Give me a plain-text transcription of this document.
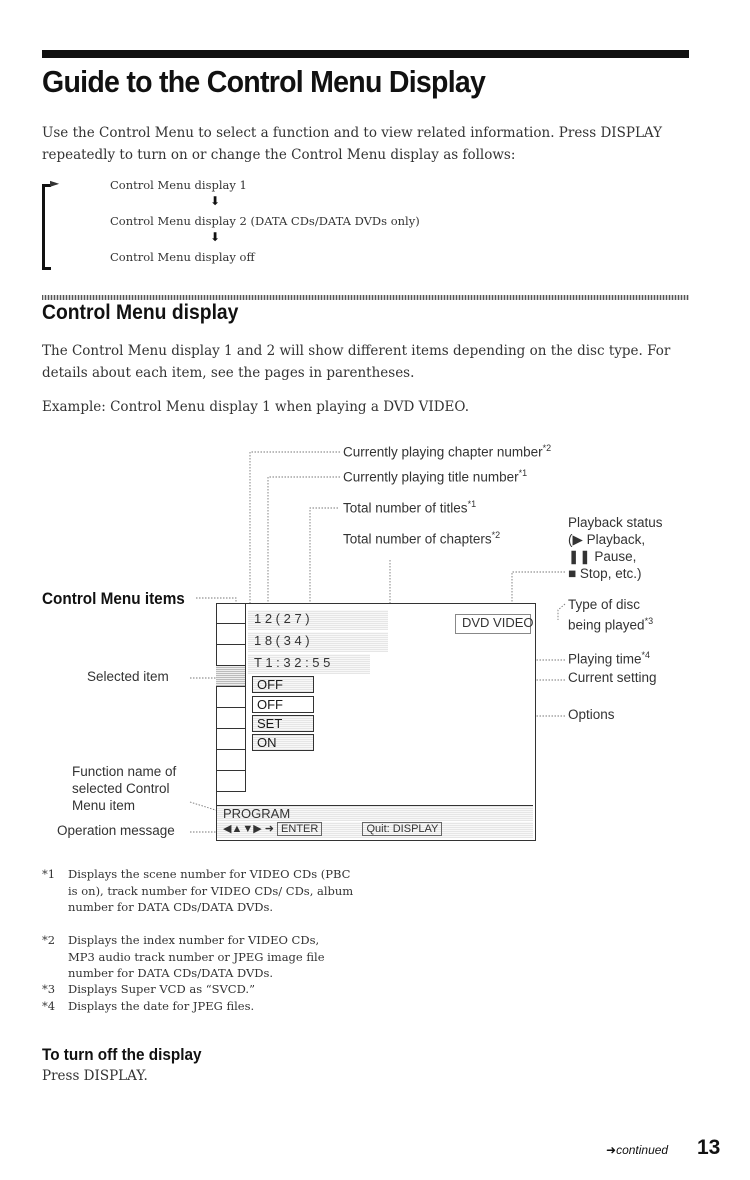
Guide to the Control Menu Display
Use the Control Menu to select a function and to view related information. Press DISPLAY repeatedly to turn on or change the Control Menu display as follows:
►	Control Menu display 1
⬇
Control Menu display 2 (DATA CDs/DATA DVDs only)
⬇
Control Menu display off
Control Menu display
The Control Menu display 1 and 2 will show different items depending on the disc type. For details about each item, see the pages in parentheses.
Example: Control Menu display 1 when playing a DVD VIDEO.
Currently playing chapter number$^{*2}$
Currently playing title number$^{*1}$
Total number of titles$^{*1}$
Total number of chapters$^{*2}$
Playback status
(▶ Playback,
❚❚ Pause,
■ Stop, etc.)
Type of disc
being played$^{*3}$
Playing time$^{*4}$
Current setting
Options
Control Menu items
Selected item
Function name of
selected Control
Menu item
Operation message
1 2 ( 2 7 )
1 8 ( 3 4 )
T 1 : 3 2 : 5 5
DVD VIDEO
OFF
OFF
SET
ON
PROGRAM
◀▲▼▶ ➜ ENTER	Quit: DISPLAY
*1 Displays the scene number for VIDEO CDs (PBC is on), track number for VIDEO CDs/ CDs, album number for DATA CDs/DATA DVDs.
*2 Displays the index number for VIDEO CDs, MP3 audio track number or JPEG image file number for DATA CDs/DATA DVDs.
*3 Displays Super VCD as “SVCD.”
*4 Displays the date for JPEG files.
To turn off the display
Press DISPLAY.
➜continued 13
